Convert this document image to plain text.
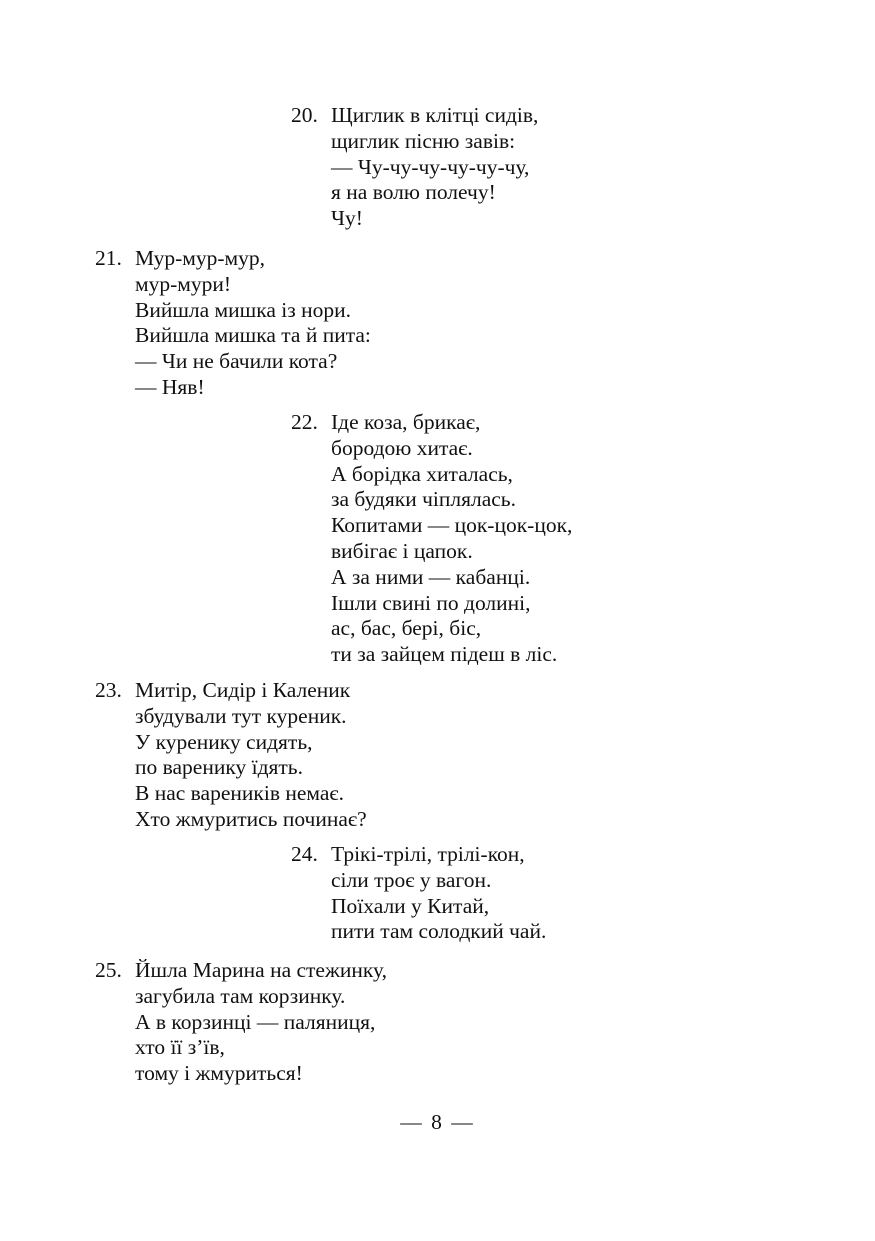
20. Щиглик в клітці сидів,
щиглик пісню завів:
— Чу-чу-чу-чу-чу-чу,
я на волю полечу!
Чу!
21. Мур-мур-мур,
мур-мури!
Вийшла мишка із нори.
Вийшла мишка та й пита:
— Чи не бачили кота?
— Няв!
22. Іде коза, брикає,
бородою хитає.
А борідка хиталась,
за будяки чіплялась.
Копитами — цок-цок-цок,
вибігає і цапок.
А за ними — кабанці.
Ішли свині по долині,
ас, бас, бері, біс,
ти за зайцем підеш в ліс.
23. Митір, Сидір і Каленик
збудували тут куреник.
У куренику сидять,
по варенику їдять.
В нас вареників немає.
Хто жмуритись починає?
24. Трікі-трілі, трілі-кон,
сіли троє у вагон.
Поїхали у Китай,
пити там солодкий чай.
25. Йшла Марина на стежинку,
загубила там корзинку.
А в корзинці — паляниця,
хто її з’їв,
тому і жмуриться!
— 8 —
